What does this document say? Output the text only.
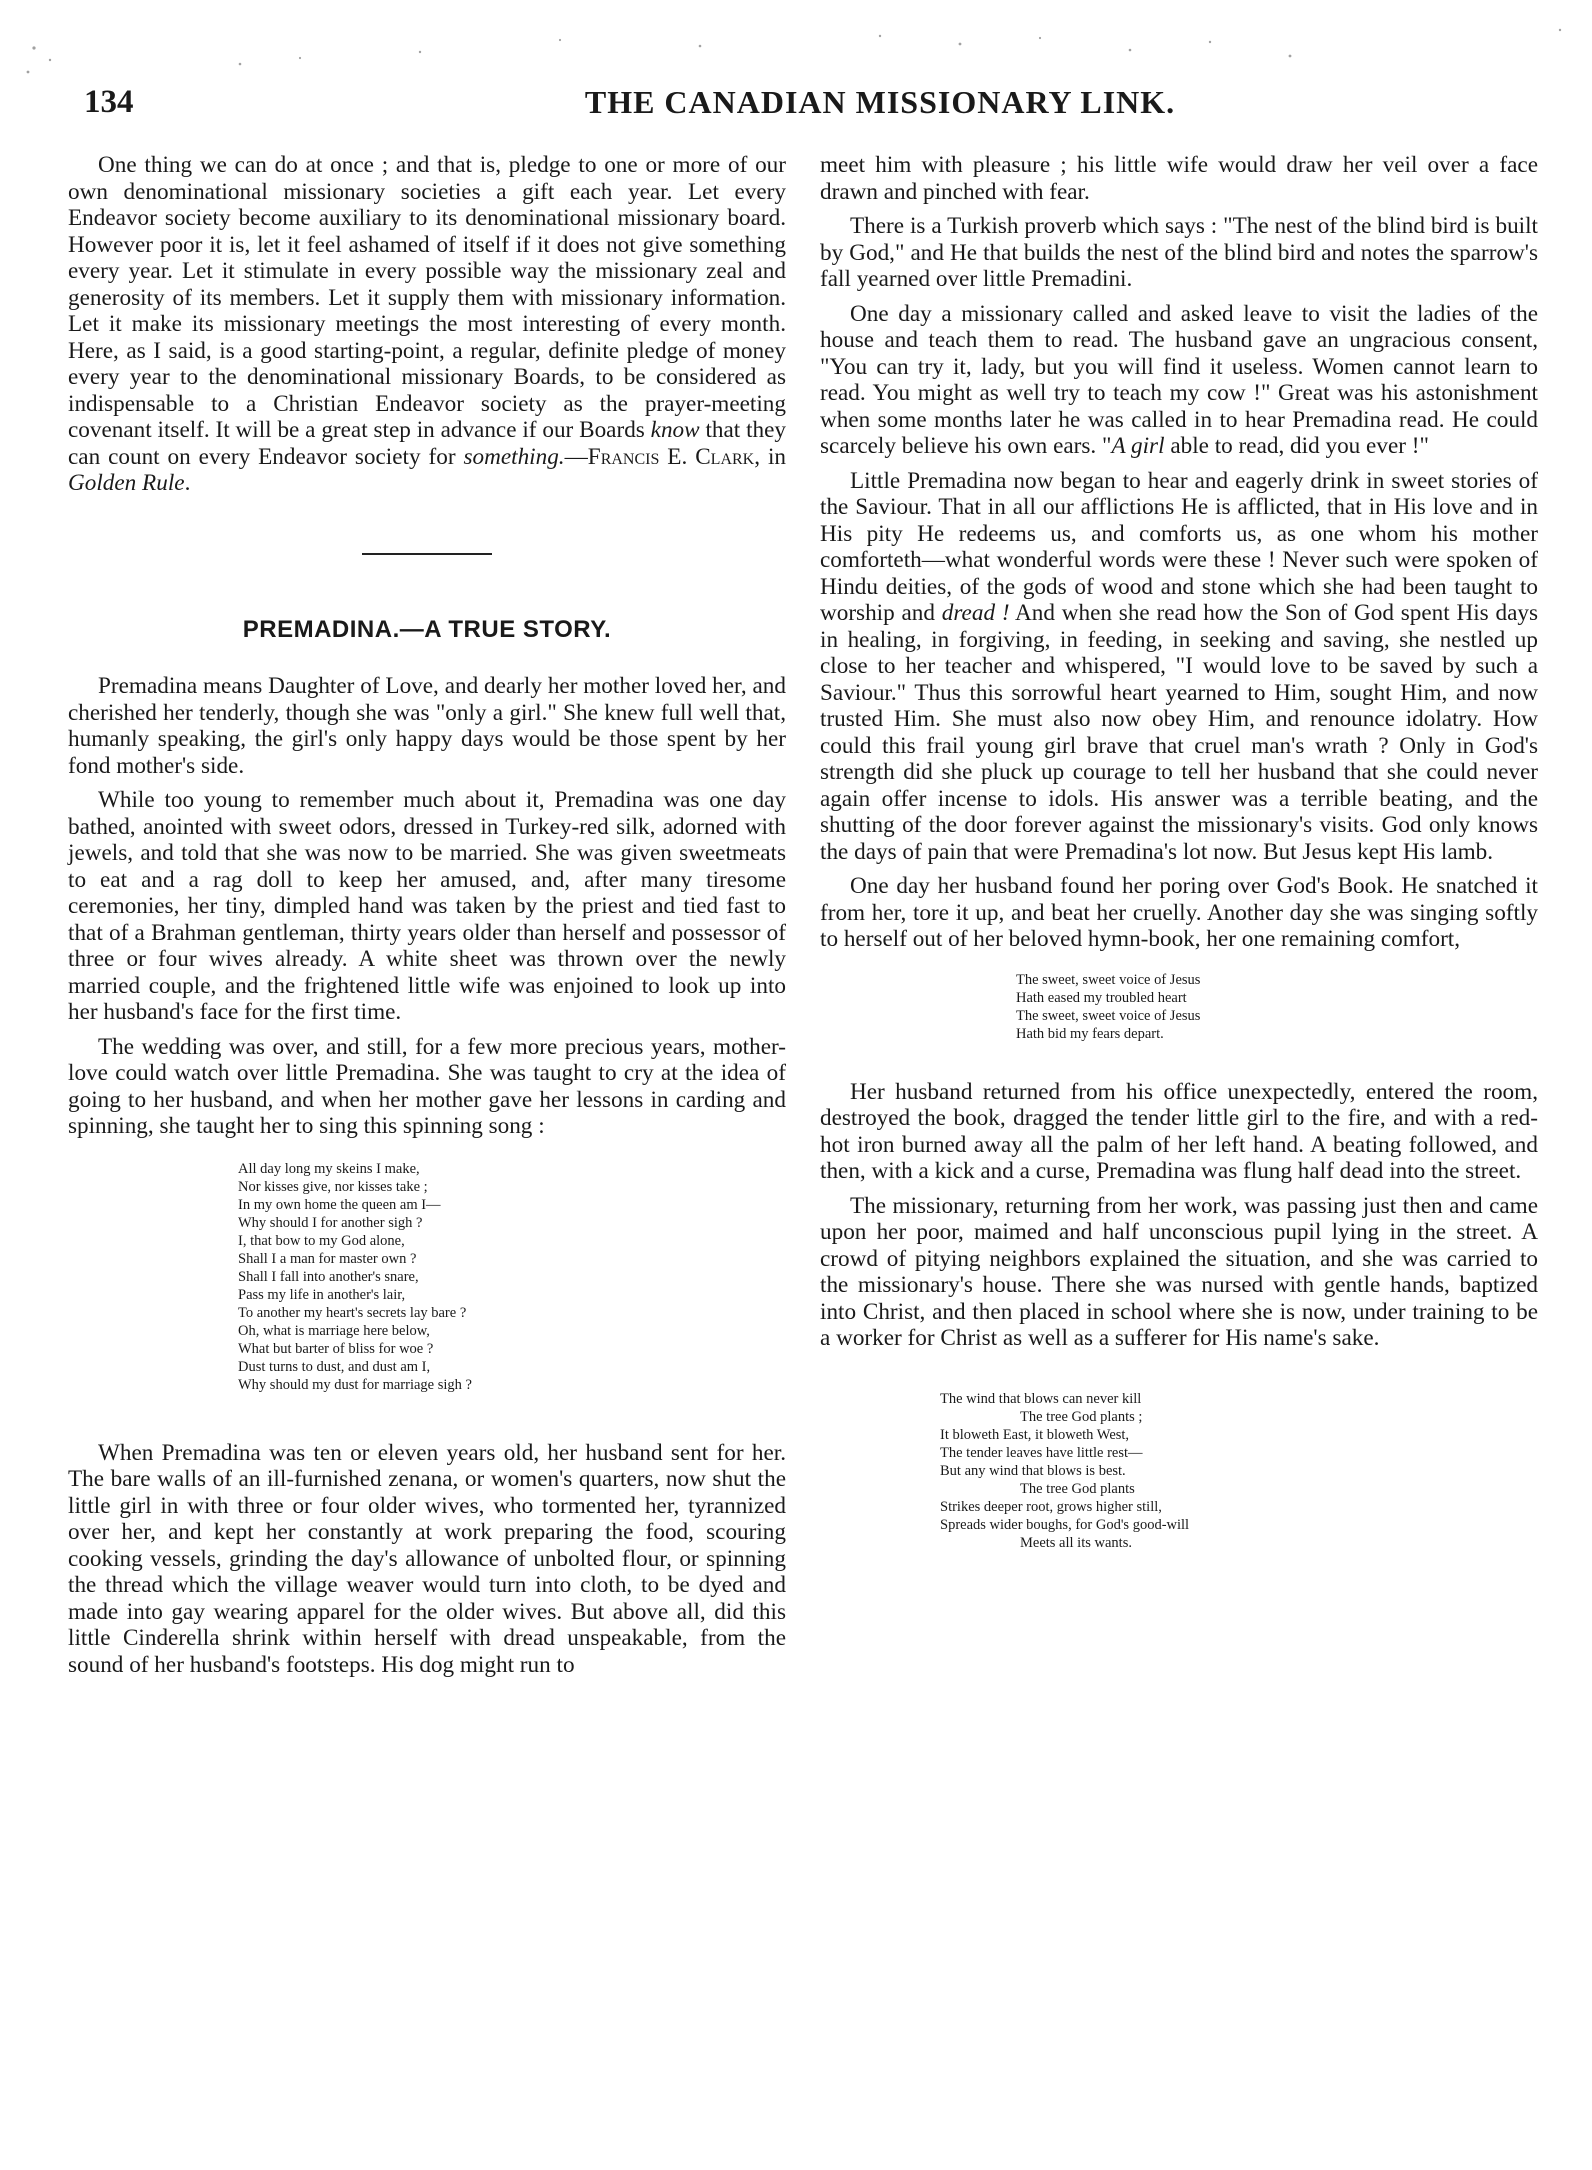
134	THE CANADIAN MISSIONARY LINK.

One thing we can do at once ; and that is, pledge to one or more of our own denominational missionary societies a gift each year. Let every Endeavor society become auxiliary to its denominational missionary board. However poor it is, let it feel ashamed of itself if it does not give something every year. Let it stimulate in every possible way the missionary zeal and generosity of its members. Let it supply them with missionary information. Let it make its missionary meetings the most interesting of every month. Here, as I said, is a good starting-point, a regular, definite pledge of money every year to the denominational missionary Boards, to be considered as indispensable to a Christian Endeavor society as the prayer-meeting covenant itself. It will be a great step in advance if our Boards know that they can count on every Endeavor society for something.—Francis E. Clark, in Golden Rule.

PREMADINA.—A TRUE STORY.

Premadina means Daughter of Love, and dearly her mother loved her, and cherished her tenderly, though she was "only a girl." She knew full well that, humanly speaking, the girl's only happy days would be those spent by her fond mother's side.

While too young to remember much about it, Premadina was one day bathed, anointed with sweet odors, dressed in Turkey-red silk, adorned with jewels, and told that she was now to be married. She was given sweetmeats to eat and a rag doll to keep her amused, and, after many tiresome ceremonies, her tiny, dimpled hand was taken by the priest and tied fast to that of a Brahman gentleman, thirty years older than herself and possessor of three or four wives already. A white sheet was thrown over the newly married couple, and the frightened little wife was enjoined to look up into her husband's face for the first time.

The wedding was over, and still, for a few more precious years, mother-love could watch over little Premadina. She was taught to cry at the idea of going to her husband, and when her mother gave her lessons in carding and spinning, she taught her to sing this spinning song :

All day long my skeins I make,
Nor kisses give, nor kisses take ;
In my own home the queen am I—
Why should I for another sigh ?
I, that bow to my God alone,
Shall I a man for master own ?
Shall I fall into another's snare,
Pass my life in another's lair,
To another my heart's secrets lay bare ?
Oh, what is marriage here below,
What but barter of bliss for woe ?
Dust turns to dust, and dust am I,
Why should my dust for marriage sigh ?

When Premadina was ten or eleven years old, her husband sent for her. The bare walls of an ill-furnished zenana, or women's quarters, now shut the little girl in with three or four older wives, who tormented her, tyrannized over her, and kept her constantly at work preparing the food, scouring cooking vessels, grinding the day's allowance of unbolted flour, or spinning the thread which the village weaver would turn into cloth, to be dyed and made into gay wearing apparel for the older wives. But above all, did this little Cinderella shrink within herself with dread unspeakable, from the sound of her husband's footsteps. His dog might run to

meet him with pleasure ; his little wife would draw her veil over a face drawn and pinched with fear.

There is a Turkish proverb which says : "The nest of the blind bird is built by God," and He that builds the nest of the blind bird and notes the sparrow's fall yearned over little Premadini.

One day a missionary called and asked leave to visit the ladies of the house and teach them to read. The husband gave an ungracious consent, "You can try it, lady, but you will find it useless. Women cannot learn to read. You might as well try to teach my cow !" Great was his astonishment when some months later he was called in to hear Premadina read. He could scarcely believe his own ears. "A girl able to read, did you ever !"

Little Premadina now began to hear and eagerly drink in sweet stories of the Saviour. That in all our afflictions He is afflicted, that in His love and in His pity He redeems us, and comforts us, as one whom his mother comforteth—what wonderful words were these ! Never such were spoken of Hindu deities, of the gods of wood and stone which she had been taught to worship and dread ! And when she read how the Son of God spent His days in healing, in forgiving, in feeding, in seeking and saving, she nestled up close to her teacher and whispered, "I would love to be saved by such a Saviour." Thus this sorrowful heart yearned to Him, sought Him, and now trusted Him. She must also now obey Him, and renounce idolatry. How could this frail young girl brave that cruel man's wrath ? Only in God's strength did she pluck up courage to tell her husband that she could never again offer incense to idols. His answer was a terrible beating, and the shutting of the door forever against the missionary's visits. God only knows the days of pain that were Premadina's lot now. But Jesus kept His lamb.

One day her husband found her poring over God's Book. He snatched it from her, tore it up, and beat her cruelly. Another day she was singing softly to herself out of her beloved hymn-book, her one remaining comfort,

The sweet, sweet voice of Jesus
Hath eased my troubled heart
The sweet, sweet voice of Jesus
Hath bid my fears depart.

Her husband returned from his office unexpectedly, entered the room, destroyed the book, dragged the tender little girl to the fire, and with a red-hot iron burned away all the palm of her left hand. A beating followed, and then, with a kick and a curse, Premadina was flung half dead into the street.

The missionary, returning from her work, was passing just then and came upon her poor, maimed and half unconscious pupil lying in the street. A crowd of pitying neighbors explained the situation, and she was carried to the missionary's house. There she was nursed with gentle hands, baptized into Christ, and then placed in school where she is now, under training to be a worker for Christ as well as a sufferer for His name's sake.

The wind that blows can never kill
The tree God plants ;
It bloweth East, it bloweth West,
The tender leaves have little rest—
But any wind that blows is best.
The tree God plants
Strikes deeper root, grows higher still,
Spreads wider boughs, for God's good-will
Meets all its wants.
